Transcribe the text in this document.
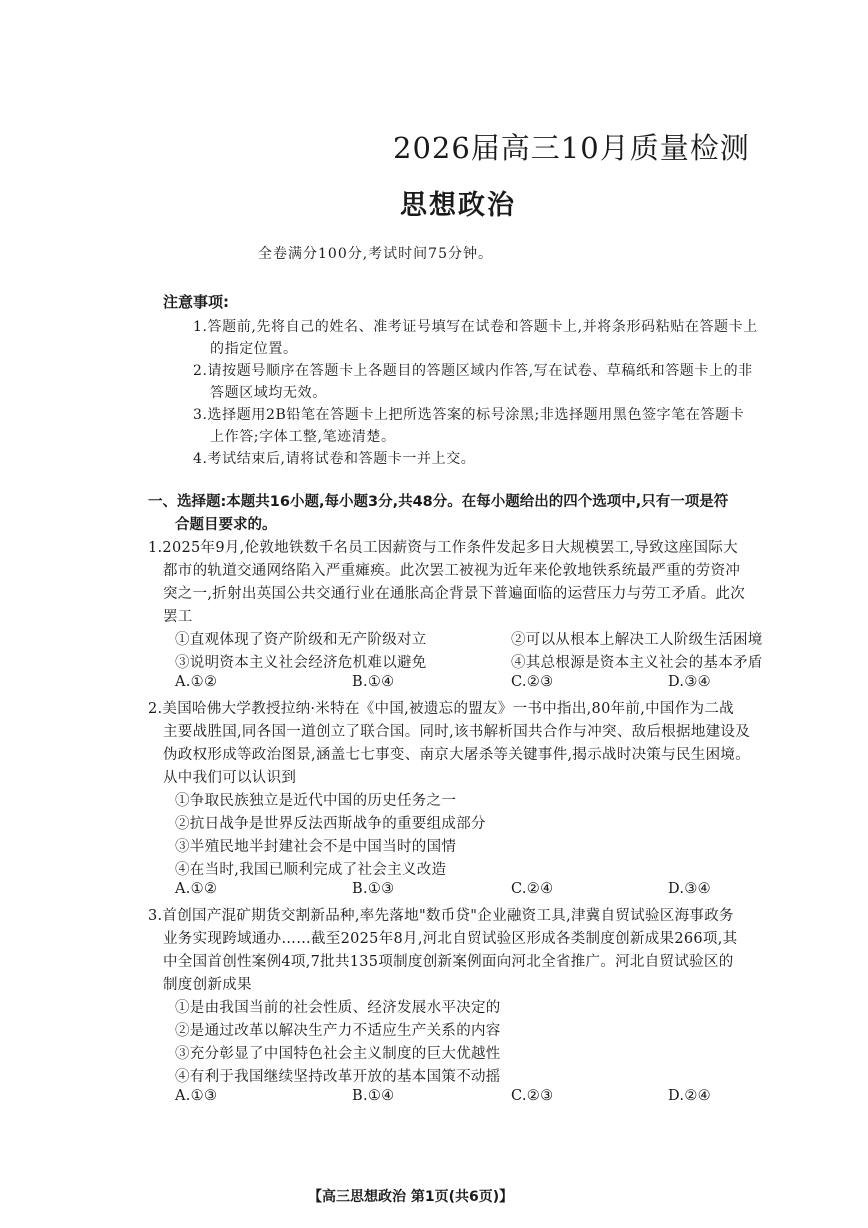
2026届高三10月质量检测
思想政治
全卷满分100分,考试时间75分钟。
注意事项:
1.答题前,先将自己的姓名、准考证号填写在试卷和答题卡上,并将条形码粘贴在答题卡上
的指定位置。
2.请按题号顺序在答题卡上各题目的答题区域内作答,写在试卷、草稿纸和答题卡上的非
答题区域均无效。
3.选择题用2B铅笔在答题卡上把所选答案的标号涂黑;非选择题用黑色签字笔在答题卡
上作答;字体工整,笔迹清楚。
4.考试结束后,请将试卷和答题卡一并上交。
一、选择题:本题共16小题,每小题3分,共48分。在每小题给出的四个选项中,只有一项是符
合题目要求的。
1.2025年9月,伦敦地铁数千名员工因薪资与工作条件发起多日大规模罢工,导致这座国际大
都市的轨道交通网络陷入严重瘫痪。此次罢工被视为近年来伦敦地铁系统最严重的劳资冲
突之一,折射出英国公共交通行业在通胀高企背景下普遍面临的运营压力与劳工矛盾。此次
罢工
①直观体现了资产阶级和无产阶级对立	②可以从根本上解决工人阶级生活困境
③说明资本主义社会经济危机难以避免	④其总根源是资本主义社会的基本矛盾
A.①②	B.①④	C.②③	D.③④
2.美国哈佛大学教授拉纳·米特在《中国,被遗忘的盟友》一书中指出,80年前,中国作为二战
主要战胜国,同各国一道创立了联合国。同时,该书解析国共合作与冲突、敌后根据地建设及
伪政权形成等政治图景,涵盖七七事变、南京大屠杀等关键事件,揭示战时决策与民生困境。
从中我们可以认识到
①争取民族独立是近代中国的历史任务之一
②抗日战争是世界反法西斯战争的重要组成部分
③半殖民地半封建社会不是中国当时的国情
④在当时,我国已顺利完成了社会主义改造
A.①②	B.①③	C.②④	D.③④
3.首创国产混矿期货交割新品种,率先落地"数币贷"企业融资工具,津冀自贸试验区海事政务
业务实现跨域通办……截至2025年8月,河北自贸试验区形成各类制度创新成果266项,其
中全国首创性案例4项,7批共135项制度创新案例面向河北全省推广。河北自贸试验区的
制度创新成果
①是由我国当前的社会性质、经济发展水平决定的
②是通过改革以解决生产力不适应生产关系的内容
③充分彰显了中国特色社会主义制度的巨大优越性
④有利于我国继续坚持改革开放的基本国策不动摇
A.①③	B.①④	C.②③	D.②④
【高三思想政治 第1页(共6页)】
